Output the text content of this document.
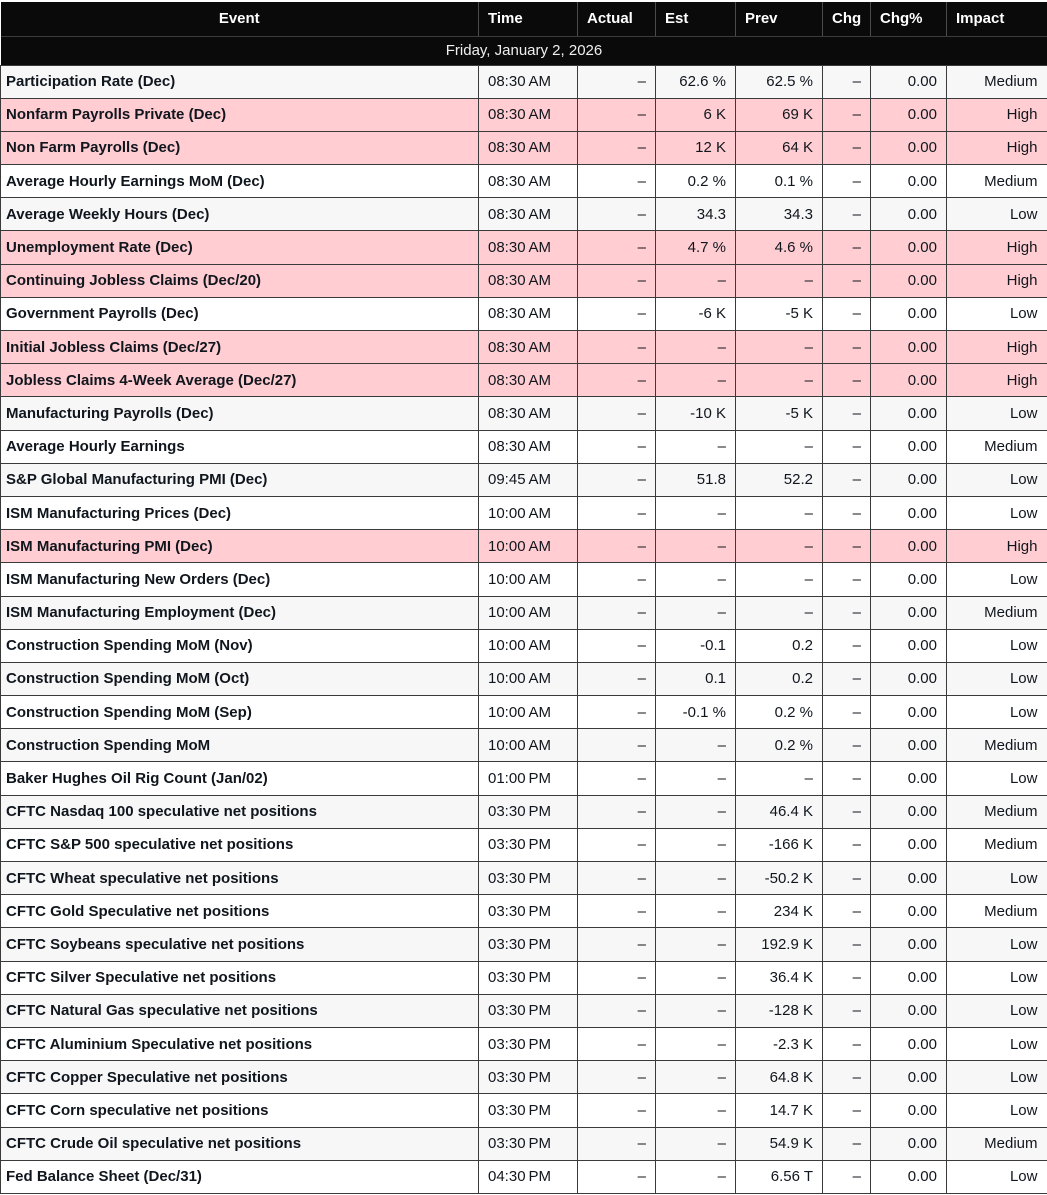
Event	Time	Actual	Est	Prev	Chg	Chg%	Impact
Friday, January 2, 2026							
Participation Rate (Dec)	08:30 AM	–	62.6 %	62.5 %	–	0.00	Medium
Nonfarm Payrolls Private (Dec)	08:30 AM	–	6 K	69 K	–	0.00	High
Non Farm Payrolls (Dec)	08:30 AM	–	12 K	64 K	–	0.00	High
Average Hourly Earnings MoM (Dec)	08:30 AM	–	0.2 %	0.1 %	–	0.00	Medium
Average Weekly Hours (Dec)	08:30 AM	–	34.3	34.3	–	0.00	Low
Unemployment Rate (Dec)	08:30 AM	–	4.7 %	4.6 %	–	0.00	High
Continuing Jobless Claims (Dec/20)	08:30 AM	–	–	–	–	0.00	High
Government Payrolls (Dec)	08:30 AM	–	-6 K	-5 K	–	0.00	Low
Initial Jobless Claims (Dec/27)	08:30 AM	–	–	–	–	0.00	High
Jobless Claims 4-Week Average (Dec/27)	08:30 AM	–	–	–	–	0.00	High
Manufacturing Payrolls (Dec)	08:30 AM	–	-10 K	-5 K	–	0.00	Low
Average Hourly Earnings	08:30 AM	–	–	–	–	0.00	Medium
S&P Global Manufacturing PMI (Dec)	09:45 AM	–	51.8	52.2	–	0.00	Low
ISM Manufacturing Prices (Dec)	10:00 AM	–	–	–	–	0.00	Low
ISM Manufacturing PMI (Dec)	10:00 AM	–	–	–	–	0.00	High
ISM Manufacturing New Orders (Dec)	10:00 AM	–	–	–	–	0.00	Low
ISM Manufacturing Employment (Dec)	10:00 AM	–	–	–	–	0.00	Medium
Construction Spending MoM (Nov)	10:00 AM	–	-0.1	0.2	–	0.00	Low
Construction Spending MoM (Oct)	10:00 AM	–	0.1	0.2	–	0.00	Low
Construction Spending MoM (Sep)	10:00 AM	–	-0.1 %	0.2 %	–	0.00	Low
Construction Spending MoM	10:00 AM	–	–	0.2 %	–	0.00	Medium
Baker Hughes Oil Rig Count (Jan/02)	01:00 PM	–	–	–	–	0.00	Low
CFTC Nasdaq 100 speculative net positions	03:30 PM	–	–	46.4 K	–	0.00	Medium
CFTC S&P 500 speculative net positions	03:30 PM	–	–	-166 K	–	0.00	Medium
CFTC Wheat speculative net positions	03:30 PM	–	–	-50.2 K	–	0.00	Low
CFTC Gold Speculative net positions	03:30 PM	–	–	234 K	–	0.00	Medium
CFTC Soybeans speculative net positions	03:30 PM	–	–	192.9 K	–	0.00	Low
CFTC Silver Speculative net positions	03:30 PM	–	–	36.4 K	–	0.00	Low
CFTC Natural Gas speculative net positions	03:30 PM	–	–	-128 K	–	0.00	Low
CFTC Aluminium Speculative net positions	03:30 PM	–	–	-2.3 K	–	0.00	Low
CFTC Copper Speculative net positions	03:30 PM	–	–	64.8 K	–	0.00	Low
CFTC Corn speculative net positions	03:30 PM	–	–	14.7 K	–	0.00	Low
CFTC Crude Oil speculative net positions	03:30 PM	–	–	54.9 K	–	0.00	Medium
Fed Balance Sheet (Dec/31)	04:30 PM	–	–	6.56 T	–	0.00	Low
